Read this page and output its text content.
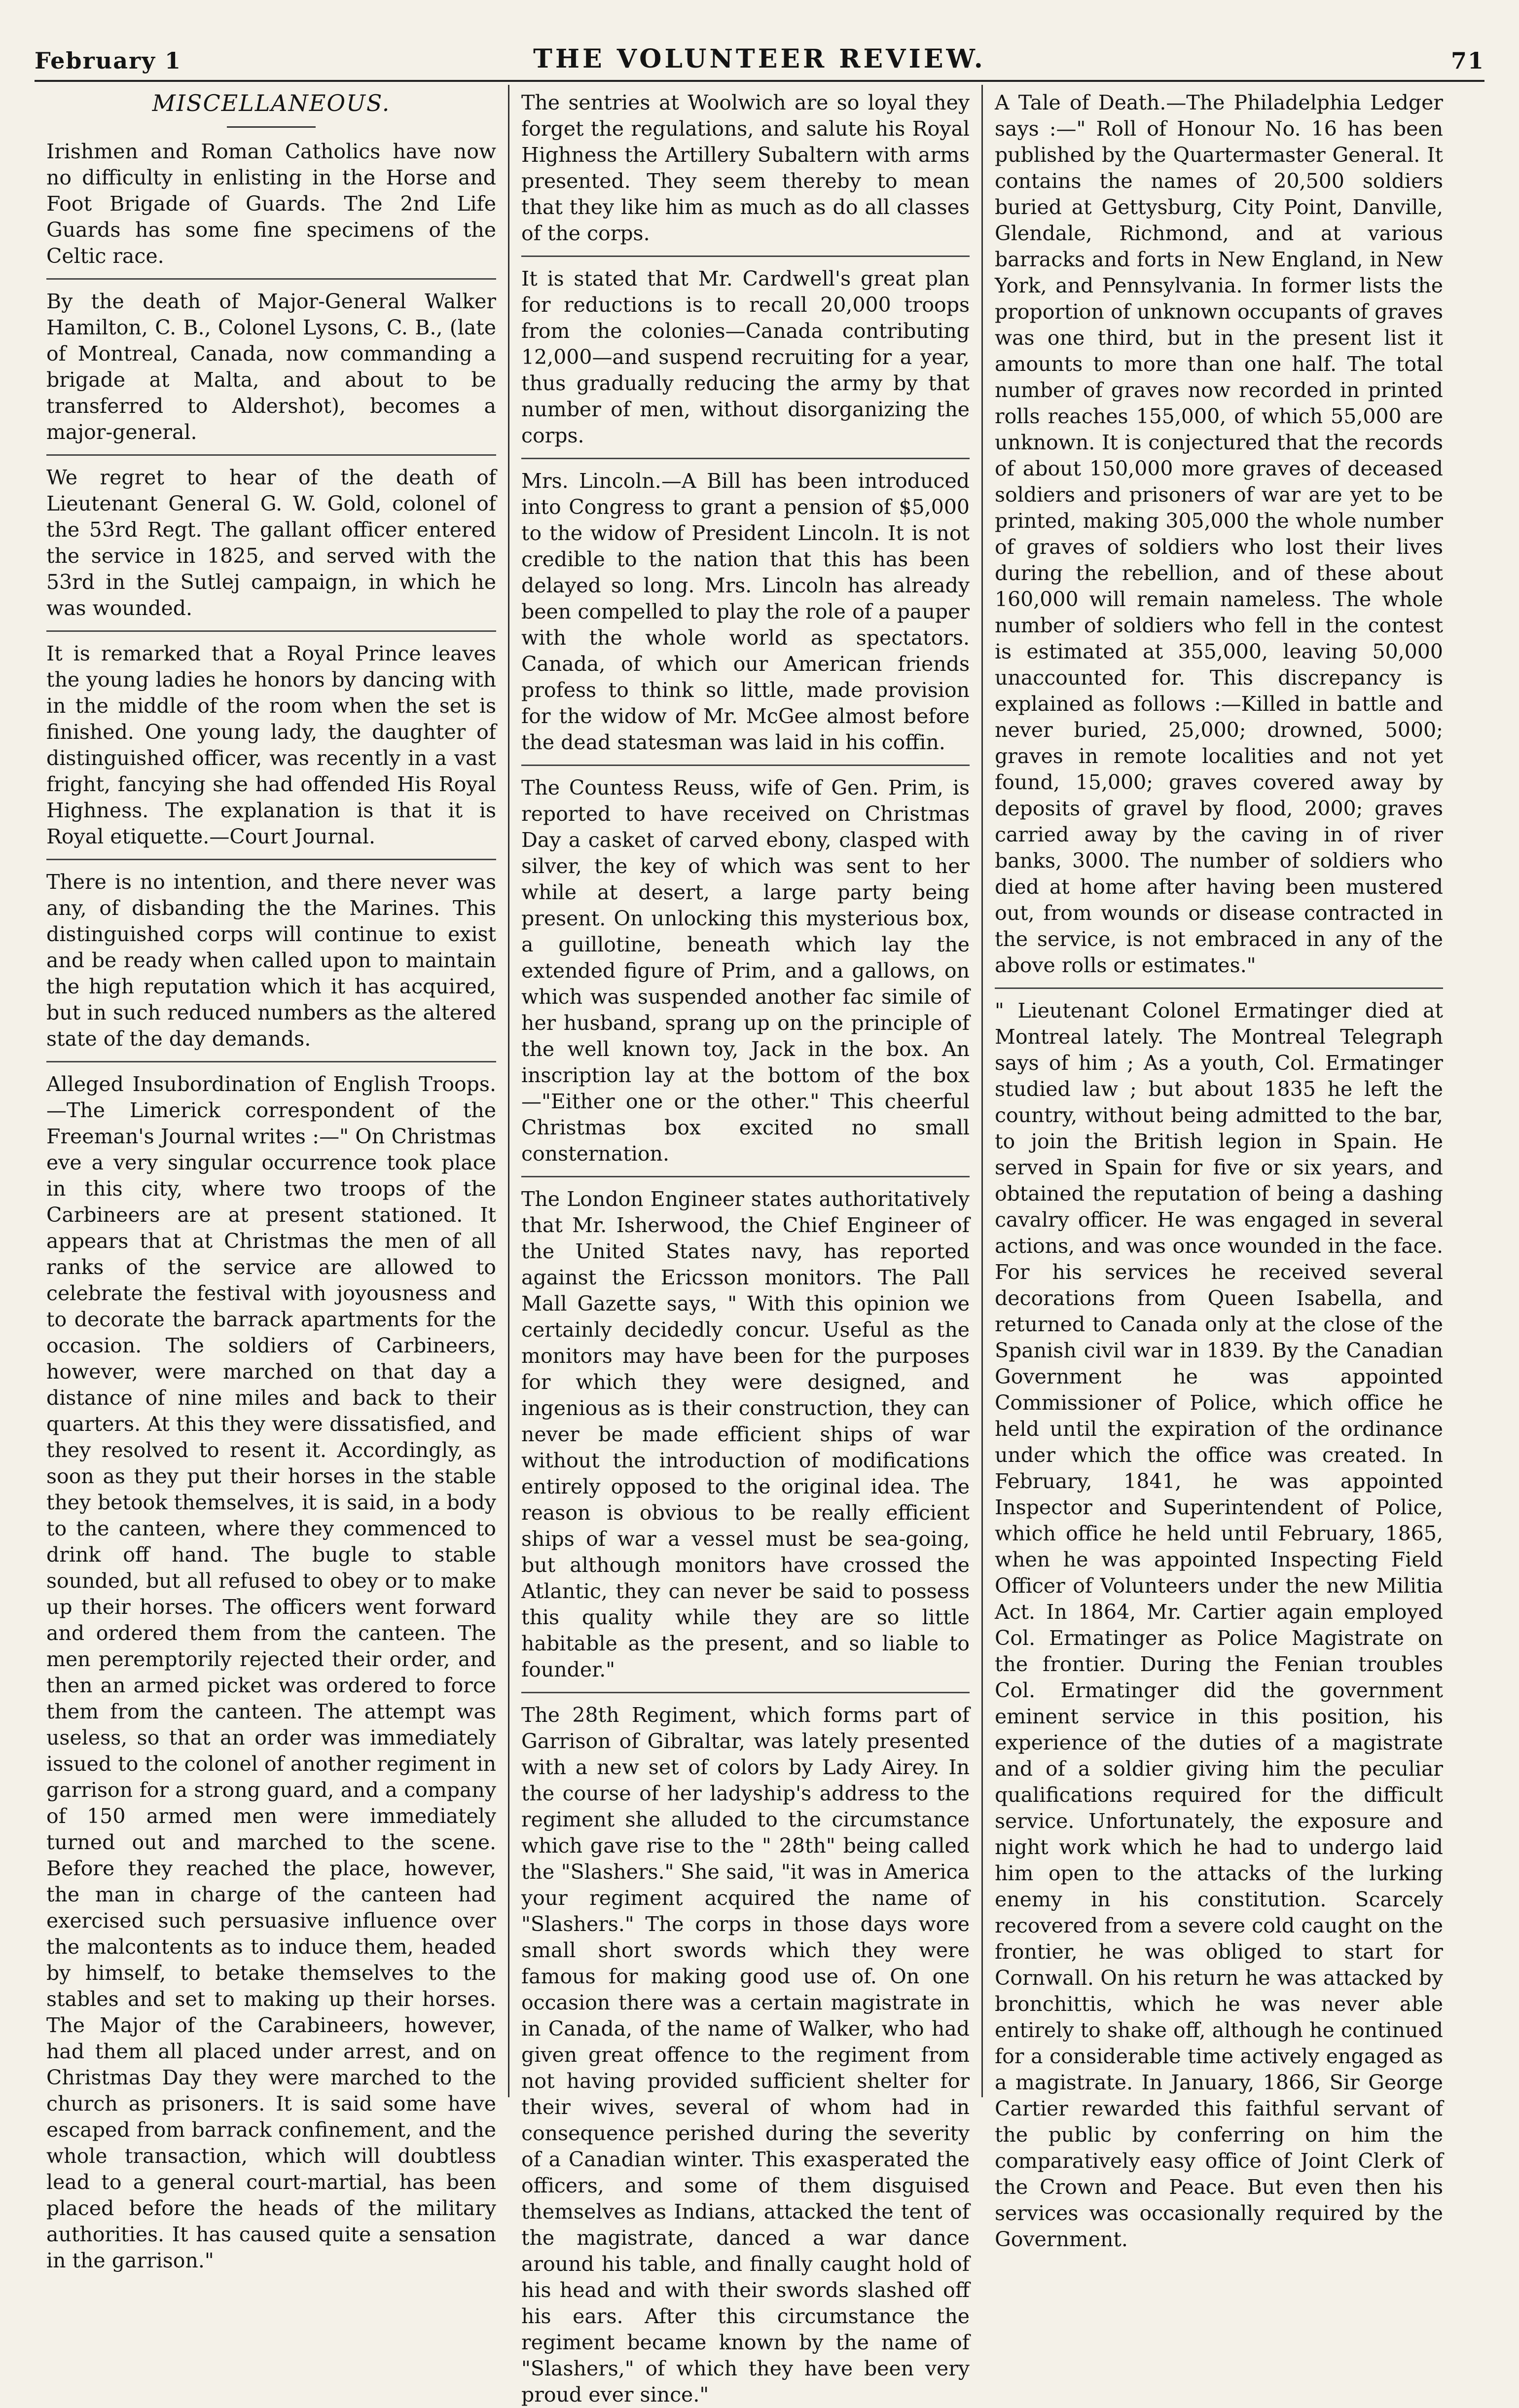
February 1	THE VOLUNTEER REVIEW.	71
MISCELLANEOUS.

Irishmen and Roman Catholics have now no difficulty in enlisting in the Horse and Foot Brigade of Guards. The 2nd Life Guards has some fine specimens of the Celtic race.

By the death of Major-General Walker Hamilton, C. B., Colonel Lysons, C. B., (late of Montreal, Canada, now commanding a brigade at Malta, and about to be transferred to Aldershot), becomes a major-general.

We regret to hear of the death of Lieutenant General G. W. Gold, colonel of the 53rd Regt. The gallant officer entered the service in 1825, and served with the 53rd in the Sutlej campaign, in which he was wounded.

It is remarked that a Royal Prince leaves the young ladies he honors by dancing with in the middle of the room when the set is finished. One young lady, the daughter of distinguished officer, was recently in a vast fright, fancying she had offended His Royal Highness. The explanation is that it is Royal etiquette.—Court Journal.

There is no intention, and there never was any, of disbanding the the Marines. This distinguished corps will continue to exist and be ready when called upon to maintain the high reputation which it has acquired, but in such reduced numbers as the altered state of the day demands.

Alleged Insubordination of English Troops.—The Limerick correspondent of the Freeman's Journal writes :—" On Christmas eve a very singular occurrence took place in this city, where two troops of the Carbineers are at present stationed. It appears that at Christmas the men of all ranks of the service are allowed to celebrate the festival with joyousness and to decorate the barrack apartments for the occasion. The soldiers of Carbineers, however, were marched on that day a distance of nine miles and back to their quarters. At this they were dissatisfied, and they resolved to resent it. Accordingly, as soon as they put their horses in the stable they betook themselves, it is said, in a body to the canteen, where they commenced to drink off hand. The bugle to stable sounded, but all refused to obey or to make up their horses. The officers went forward and ordered them from the canteen. The men peremptorily rejected their order, and then an armed picket was ordered to force them from the canteen. The attempt was useless, so that an order was immediately issued to the colonel of another regiment in garrison for a strong guard, and a company of 150 armed men were immediately turned out and marched to the scene. Before they reached the place, however, the man in charge of the canteen had exercised such persuasive influence over the malcontents as to induce them, headed by himself, to betake themselves to the stables and set to making up their horses. The Major of the Carabineers, however, had them all placed under arrest, and on Christmas Day they were marched to the church as prisoners. It is said some have escaped from barrack confinement, and the whole transaction, which will doubtless lead to a general court-martial, has been placed before the heads of the military authorities. It has caused quite a sensation in the garrison."

The sentries at Woolwich are so loyal they forget the regulations, and salute his Royal Highness the Artillery Subaltern with arms presented. They seem thereby to mean that they like him as much as do all classes of the corps.

It is stated that Mr. Cardwell's great plan for reductions is to recall 20,000 troops from the colonies—Canada contributing 12,000—and suspend recruiting for a year, thus gradually reducing the army by that number of men, without disorganizing the corps.

Mrs. Lincoln.—A Bill has been introduced into Congress to grant a pension of $5,000 to the widow of President Lincoln. It is not credible to the nation that this has been delayed so long. Mrs. Lincoln has already been compelled to play the role of a pauper with the whole world as spectators. Canada, of which our American friends profess to think so little, made provision for the widow of Mr. McGee almost before the dead statesman was laid in his coffin.

The Countess Reuss, wife of Gen. Prim, is reported to have received on Christmas Day a casket of carved ebony, clasped with silver, the key of which was sent to her while at desert, a large party being present. On unlocking this mysterious box, a guillotine, beneath which lay the extended figure of Prim, and a gallows, on which was suspended another fac simile of her husband, sprang up on the principle of the well known toy, Jack in the box. An inscription lay at the bottom of the box—"Either one or the other." This cheerful Christmas box excited no small consternation.

The London Engineer states authoritatively that Mr. Isherwood, the Chief Engineer of the United States navy, has reported against the Ericsson monitors. The Pall Mall Gazette says, " With this opinion we certainly decidedly concur. Useful as the monitors may have been for the purposes for which they were designed, and ingenious as is their construction, they can never be made efficient ships of war without the introduction of modifications entirely opposed to the original idea. The reason is obvious to be really efficient ships of war a vessel must be sea-going, but although monitors have crossed the Atlantic, they can never be said to possess this quality while they are so little habitable as the present, and so liable to founder."

The 28th Regiment, which forms part of Garrison of Gibraltar, was lately presented with a new set of colors by Lady Airey. In the course of her ladyship's address to the regiment she alluded to the circumstance which gave rise to the " 28th" being called the "Slashers." She said, "it was in America your regiment acquired the name of "Slashers." The corps in those days wore small short swords which they were famous for making good use of. On one occasion there was a certain magistrate in in Canada, of the name of Walker, who had given great offence to the regiment from not having provided sufficient shelter for their wives, several of whom had in consequence perished during the severity of a Canadian winter. This exasperated the officers, and some of them disguised themselves as Indians, attacked the tent of the magistrate, danced a war dance around his table, and finally caught hold of his head and with their swords slashed off his ears. After this circumstance the regiment became known by the name of "Slashers," of which they have been very proud ever since."

A Tale of Death.—The Philadelphia Ledger says :—" Roll of Honour No. 16 has been published by the Quartermaster General. It contains the names of 20,500 soldiers buried at Gettysburg, City Point, Danville, Glendale, Richmond, and at various barracks and forts in New England, in New York, and Pennsylvania. In former lists the proportion of unknown occupants of graves was one third, but in the present list it amounts to more than one half. The total number of graves now recorded in printed rolls reaches 155,000, of which 55,000 are unknown. It is conjectured that the records of about 150,000 more graves of deceased soldiers and prisoners of war are yet to be printed, making 305,000 the whole number of graves of soldiers who lost their lives during the rebellion, and of these about 160,000 will remain nameless. The whole number of soldiers who fell in the contest is estimated at 355,000, leaving 50,000 unaccounted for. This discrepancy is explained as follows :—Killed in battle and never buried, 25,000; drowned, 5000; graves in remote localities and not yet found, 15,000; graves covered away by deposits of gravel by flood, 2000; graves carried away by the caving in of river banks, 3000. The number of soldiers who died at home after having been mustered out, from wounds or disease contracted in the service, is not embraced in any of the above rolls or estimates."

" Lieutenant Colonel Ermatinger died at Montreal lately. The Montreal Telegraph says of him ; As a youth, Col. Ermatinger studied law ; but about 1835 he left the country, without being admitted to the bar, to join the British legion in Spain. He served in Spain for five or six years, and obtained the reputation of being a dashing cavalry officer. He was engaged in several actions, and was once wounded in the face. For his services he received several decorations from Queen Isabella, and returned to Canada only at the close of the Spanish civil war in 1839. By the Canadian Government he was appointed Commissioner of Police, which office he held until the expiration of the ordinance under which the office was created. In February, 1841, he was appointed Inspector and Superintendent of Police, which office he held until February, 1865, when he was appointed Inspecting Field Officer of Volunteers under the new Militia Act. In 1864, Mr. Cartier again employed Col. Ermatinger as Police Magistrate on the frontier. During the Fenian troubles Col. Ermatinger did the government eminent service in this position, his experience of the duties of a magistrate and of a soldier giving him the peculiar qualifications required for the difficult service. Unfortunately, the exposure and night work which he had to undergo laid him open to the attacks of the lurking enemy in his constitution. Scarcely recovered from a severe cold caught on the frontier, he was obliged to start for Cornwall. On his return he was attacked by bronchittis, which he was never able entirely to shake off, although he continued for a considerable time actively engaged as a magistrate. In January, 1866, Sir George Cartier rewarded this faithful servant of the public by conferring on him the comparatively easy office of Joint Clerk of the Crown and Peace. But even then his services was occasionally required by the Government.
